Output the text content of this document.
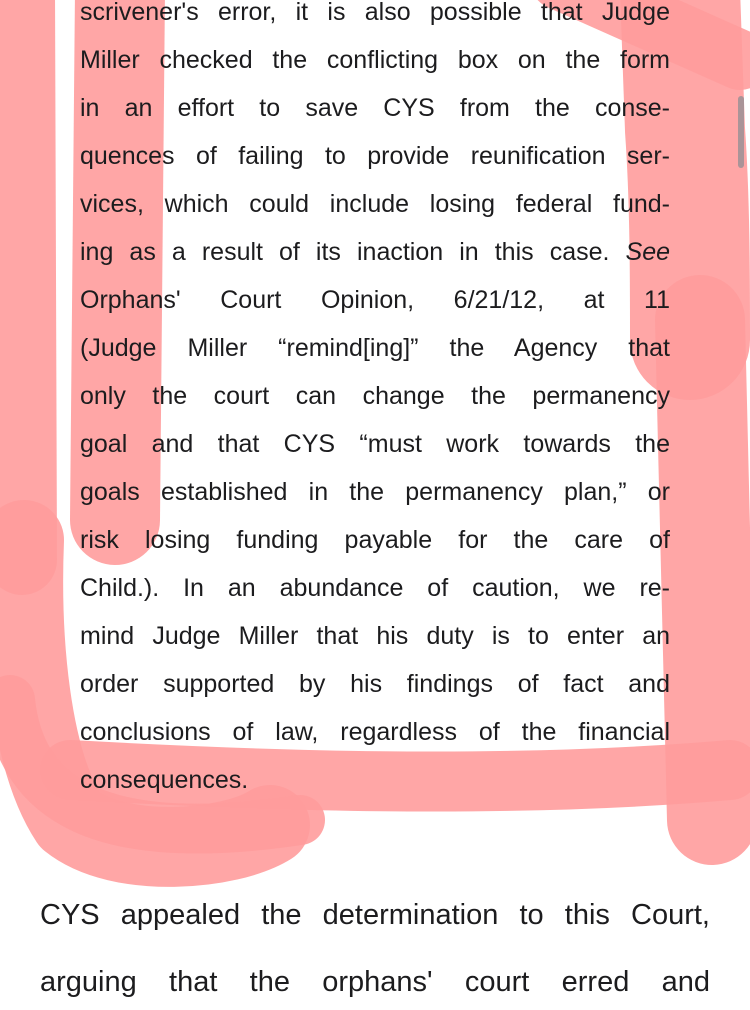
scrivener's error, it is also possible that Judge
Miller checked the conflicting box on the form
in an effort to save CYS from the conse-
quences of failing to provide reunification ser-
vices, which could include losing federal fund-
ing as a result of its inaction in this case. See
Orphans' Court Opinion, 6/21/12, at 11
(Judge Miller “remind[ing]” the Agency that
only the court can change the permanency
goal and that CYS “must work towards the
goals established in the permanency plan,” or
risk losing funding payable for the care of
Child.). In an abundance of caution, we re-
mind Judge Miller that his duty is to enter an
order supported by his findings of fact and
conclusions of law, regardless of the financial
consequences.
CYS appealed the determination to this Court,
arguing that the orphans' court erred and
